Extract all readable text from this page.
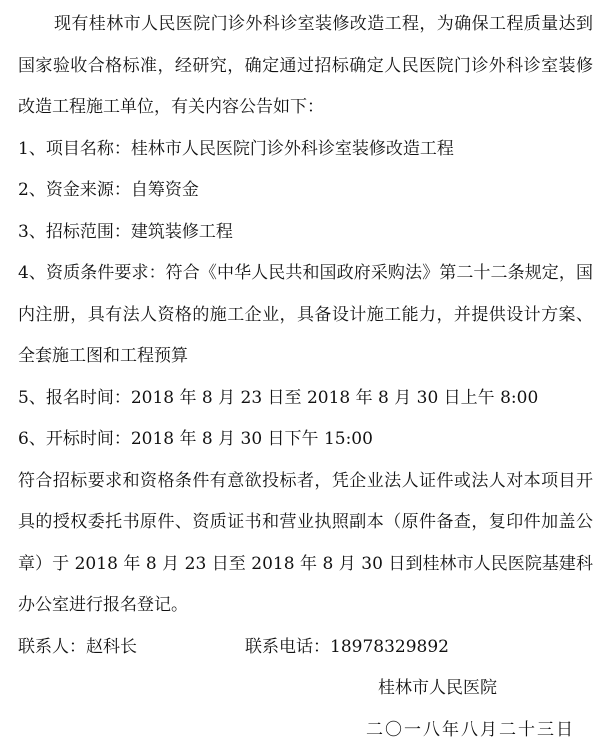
现有桂林市人民医院门诊外科诊室装修改造工程，为确保工程质量达到国家验收合格标准，经研究，确定通过招标确定人民医院门诊外科诊室装修改造工程施工单位，有关内容公告如下：

1、项目名称：桂林市人民医院门诊外科诊室装修改造工程

2、资金来源：自筹资金

3、招标范围：建筑装修工程

4、资质条件要求：符合《中华人民共和国政府采购法》第二十二条规定，国内注册，具有法人资格的施工企业，具备设计施工能力，并提供设计方案、全套施工图和工程预算

5、报名时间：2018 年 8 月 23 日至 2018 年 8 月 30 日上午 8:00

6、开标时间：2018 年 8 月 30 日下午 15:00

符合招标要求和资格条件有意欲投标者，凭企业法人证件或法人对本项目开具的授权委托书原件、资质证书和营业执照副本（原件备查，复印件加盖公章）于 2018 年 8 月 23 日至 2018 年 8 月 30 日到桂林市人民医院基建科办公室进行报名登记。

联系人：赵科长	联系电话：18978329892
桂林市人民医院
二〇一八年八月二十三日
